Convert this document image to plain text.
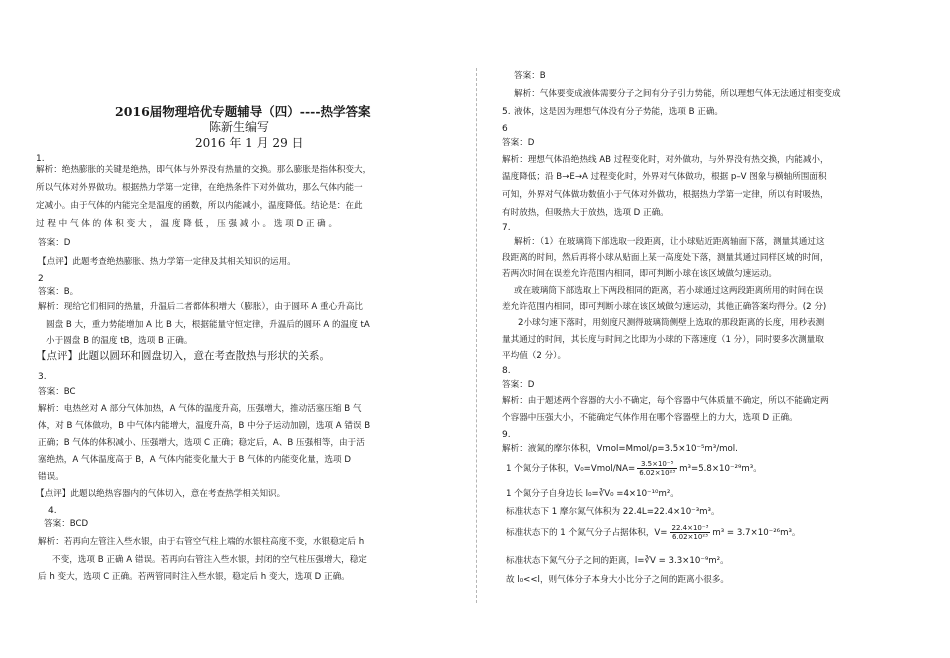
2016届物理培优专题辅导（四）----热学答案
陈新生编写
2016 年 1 月 29 日
1.
解析：绝热膨胀的关键是绝热，即气体与外界没有热量的交换。那么膨胀是指体积变大，
所以气体对外界做功。根据热力学第一定律，在绝热条件下对外做功，那么气体内能一
定减小。由于气体的内能完全是温度的函数，所以内能减小，温度降低。结论是：在此
过 程 中 气 体 的 体 积 变 大 ， 温 度 降 低 ， 压 强 减 小 。 选 项 D 正 确 。
答案：D
【点评】此题考查绝热膨胀、热力学第一定律及其相关知识的运用。
2
答案：B。
解析：现给它们相同的热量，升温后二者都体积增大（膨胀），由于圆环 A 重心升高比
圆盘 B 大，重力势能增加 A 比 B 大，根据能量守恒定律，升温后的圆环 A 的温度 tA
小于圆盘 B 的温度 tB，选项 B 正确。
【点评】此题以圆环和圆盘切入，意在考查散热与形状的关系。
3.
答案：BC
解析：电热丝对 A 部分气体加热，A 气体的温度升高，压强增大，推动活塞压缩 B 气
体，对 B 气体做功，B 中气体内能增大，温度升高，B 中分子运动加剧，选项 A 错误 B
正确；B 气体的体积减小、压强增大，选项 C 正确；稳定后，A、B 压强相等，由于活
塞绝热，A 气体温度高于 B，A 气体内能变化量大于 B 气体的内能变化量，选项 D
错误。
【点评】此题以绝热容器内的气体切入，意在考查热学相关知识。
4.
答案：BCD
解析：若再向左管注入些水银，由于右管空气柱上端的水银柱高度不变，水银稳定后 h
不变，选项 B 正确 A 错误。若再向右管注入些水银，封闭的空气柱压强增大，稳定
后 h 变大，选项 C 正确。若两管同时注入些水银，稳定后 h 变大，选项 D 正确。
答案：B
解析：气体要变成液体需要分子之间有分子引力势能，所以理想气体无法通过相变变成
5. 液体，这是因为理想气体没有分子势能，选项 B 正确。
6
答案：D
解析：理想气体沿绝热线 AB 过程变化时，对外做功，与外界没有热交换，内能减小，
温度降低；沿 B→E→A 过程变化时，外界对气体做功，根据 p–V 图象与横轴所围面积
可知，外界对气体做功数值小于气体对外做功，根据热力学第一定律，所以有时吸热，
有时放热，但吸热大于放热，选项 D 正确。
7.
解析：（1）在玻璃筒下部选取一段距离，让小球贴近距离轴面下落，测量其通过这
段距离的时间，然后再将小球从贴面上某一高度处下落，测量其通过同样区域的时间，
若两次时间在误差允许范围内相同，即可判断小球在该区域做匀速运动。
或在玻璃筒下部选取上下两段相同的距离，若小球通过这两段距离所用的时间在误
差允许范围内相同，即可判断小球在该区域做匀速运动，其他正确答案均得分。(2 分)
2小球匀速下落时，用刻度尺测得玻璃筒侧壁上选取的那段距离的长度，用秒表测
量其通过的时间，其长度与时间之比即为小球的下落速度（1 分），同时要多次测量取
平均值（2 分）。
8.
答案：D
解析：由于题述两个容器的大小不确定，每个容器中气体质量不确定，所以不能确定两
个容器中压强大小，不能确定气体作用在哪个容器壁上的力大，选项 D 正确。
9.
解析：液氮的摩尔体积，Vmol=Mmol/ρ=3.5×10⁻⁵m³/mol.
1 个氮分子体积，V₀=Vmol/NA= $\frac{\text{3.5×10⁻⁵}}{\text{6.02×10²³}} m^3=5.8\times 10^{-29}m^3$。
1 个氮分子自身边长 l₀=∛V₀ =4×10⁻¹⁰m²。
标准状态下 1 摩尔氮气体积为 22.4L=22.4×10⁻³m³。
标准状态下的 1 个氮气分子占据体积，$V= \frac{\text{22.4×10⁻³}}{\text{6.02×10²³}} m^3 = 3.7\times 10^{-26}m^3$。
标准状态下氮气分子之间的距离，l=∛V = 3.3×10⁻⁹m²。
故 l₀<<l，则气体分子本身大小比分子之间的距离小很多。
